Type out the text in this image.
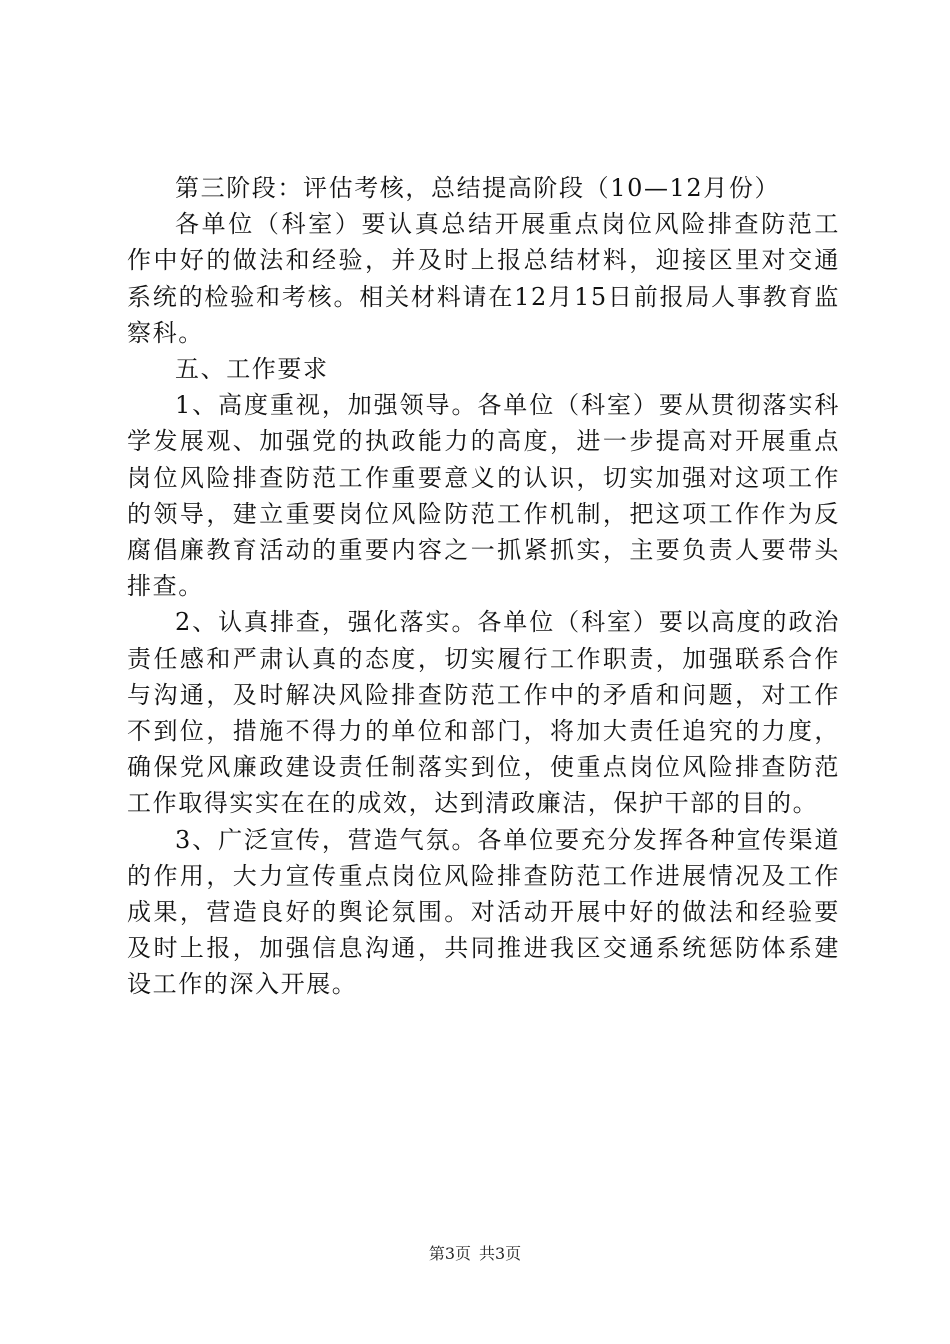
第三阶段：评估考核，总结提高阶段（10—12月份）

各单位（科室）要认真总结开展重点岗位风险排查防范工作中好的做法和经验，并及时上报总结材料，迎接区里对交通系统的检验和考核。相关材料请在12月15日前报局人事教育监察科。

五、工作要求

1、高度重视，加强领导。各单位（科室）要从贯彻落实科学发展观、加强党的执政能力的高度，进一步提高对开展重点岗位风险排查防范工作重要意义的认识，切实加强对这项工作的领导，建立重要岗位风险防范工作机制，把这项工作作为反腐倡廉教育活动的重要内容之一抓紧抓实，主要负责人要带头排查。

2、认真排查，强化落实。各单位（科室）要以高度的政治责任感和严肃认真的态度，切实履行工作职责，加强联系合作与沟通，及时解决风险排查防范工作中的矛盾和问题，对工作不到位，措施不得力的单位和部门，将加大责任追究的力度，确保党风廉政建设责任制落实到位，使重点岗位风险排查防范工作取得实实在在的成效，达到清政廉洁，保护干部的目的。

3、广泛宣传，营造气氛。各单位要充分发挥各种宣传渠道的作用，大力宣传重点岗位风险排查防范工作进展情况及工作成果，营造良好的舆论氛围。对活动开展中好的做法和经验要及时上报，加强信息沟通，共同推进我区交通系统惩防体系建设工作的深入开展。

第3页 共3页
